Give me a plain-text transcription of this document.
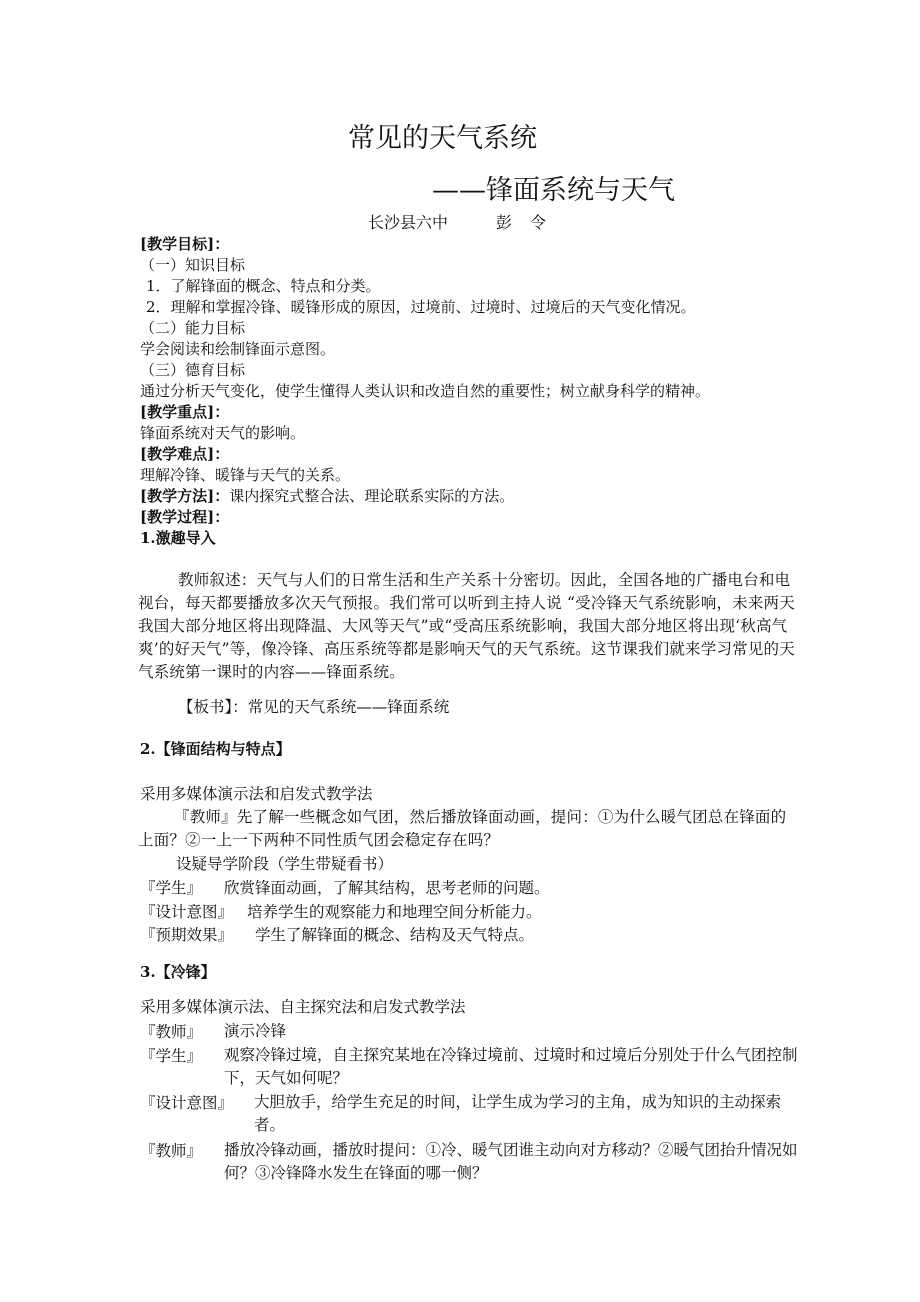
常见的天气系统
——锋面系统与天气
长沙县六中	彭 令
[教学目标]：
（一）知识目标
1．了解锋面的概念、特点和分类。
2．理解和掌握冷锋、暖锋形成的原因，过境前、过境时、过境后的天气变化情况。
（二）能力目标
学会阅读和绘制锋面示意图。
（三）德育目标
通过分析天气变化，使学生懂得人类认识和改造自然的重要性；树立献身科学的精神。
[教学重点]：
锋面系统对天气的影响。
[教学难点]：
理解冷锋、暖锋与天气的关系。
[教学方法]：课内探究式整合法、理论联系实际的方法。
[教学过程]：
1.激趣导入
教师叙述：天气与人们的日常生活和生产关系十分密切。因此，全国各地的广播电台和电视台，每天都要播放多次天气预报。我们常可以听到主持人说 “受冷锋天气系统影响，未来两天我国大部分地区将出现降温、大风等天气”或“受高压系统影响，我国大部分地区将出现‘秋高气爽’的好天气”等，像冷锋、高压系统等都是影响天气的天气系统。这节课我们就来学习常见的天气系统第一课时的内容——锋面系统。
【板书】：常见的天气系统——锋面系统
2.【锋面结构与特点】
采用多媒体演示法和启发式教学法
『教师』先了解一些概念如气团，然后播放锋面动画，提问：①为什么暖气团总在锋面的上面？②一上一下两种不同性质气团会稳定存在吗？
设疑导学阶段（学生带疑看书）
『学生』 欣赏锋面动画，了解其结构，思考老师的问题。
『设计意图』 培养学生的观察能力和地理空间分析能力。
『预期效果』 学生了解锋面的概念、结构及天气特点。
3.【冷锋】
采用多媒体演示法、自主探究法和启发式教学法
『教师』 演示冷锋
『学生』 观察冷锋过境，自主探究某地在冷锋过境前、过境时和过境后分别处于什么气团控制下，天气如何呢？
『设计意图』 大胆放手，给学生充足的时间，让学生成为学习的主角，成为知识的主动探索者。
『教师』 播放冷锋动画，播放时提问：①冷、暖气团谁主动向对方移动？②暖气团抬升情况如何？③冷锋降水发生在锋面的哪一侧？
